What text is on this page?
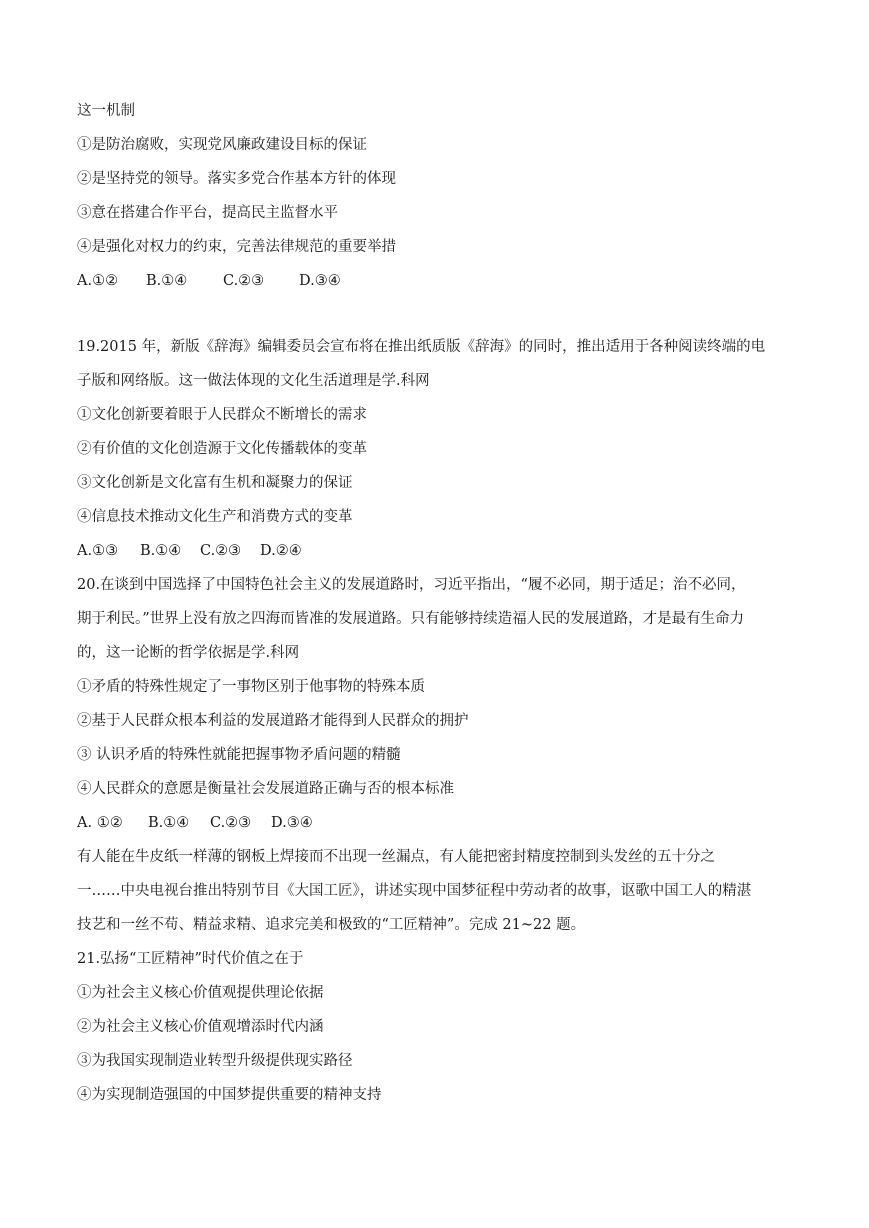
这一机制
①是防治腐败，实现党风廉政建设目标的保证
②是坚持党的领导。落实多党合作基本方针的体现
③意在搭建合作平台，提高民主监督水平
④是强化对权力的约束，完善法律规范的重要举措
A.①② B.①④ C.②③ D.③④
19.2015 年，新版《辞海》编辑委员会宣布将在推出纸质版《辞海》的同时，推出适用于各种阅读终端的电
子版和网络版。这一做法体现的文化生活道理是学.科网
①文化创新要着眼于人民群众不断增长的需求
②有价值的文化创造源于文化传播载体的变革
③文化创新是文化富有生机和凝聚力的保证
④信息技术推动文化生产和消费方式的变革
A.①③ B.①④ C.②③ D.②④
20.在谈到中国选择了中国特色社会主义的发展道路时，习近平指出，“履不必同，期于适足；治不必同，
期于利民。”世界上没有放之四海而皆准的发展道路。只有能够持续造福人民的发展道路，才是最有生命力
的，这一论断的哲学依据是学.科网
①矛盾的特殊性规定了一事物区别于他事物的特殊本质
②基于人民群众根本利益的发展道路才能得到人民群众的拥护
③ 认识矛盾的特殊性就能把握事物矛盾问题的精髓
④人民群众的意愿是衡量社会发展道路正确与否的根本标准
A. ①② B.①④ C.②③ D.③④
有人能在牛皮纸一样薄的钢板上焊接而不出现一丝漏点，有人能把密封精度控制到头发丝的五十分之
一……中央电视台推出特别节目《大国工匠》，讲述实现中国梦征程中劳动者的故事，讴歌中国工人的精湛
技艺和一丝不苟、精益求精、追求完美和极致的“工匠精神”。完成 21~22 题。
21.弘扬“工匠精神”时代价值之在于
①为社会主义核心价值观提供理论依据
②为社会主义核心价值观增添时代内涵
③为我国实现制造业转型升级提供现实路径
④为实现制造强国的中国梦提供重要的精神支持
